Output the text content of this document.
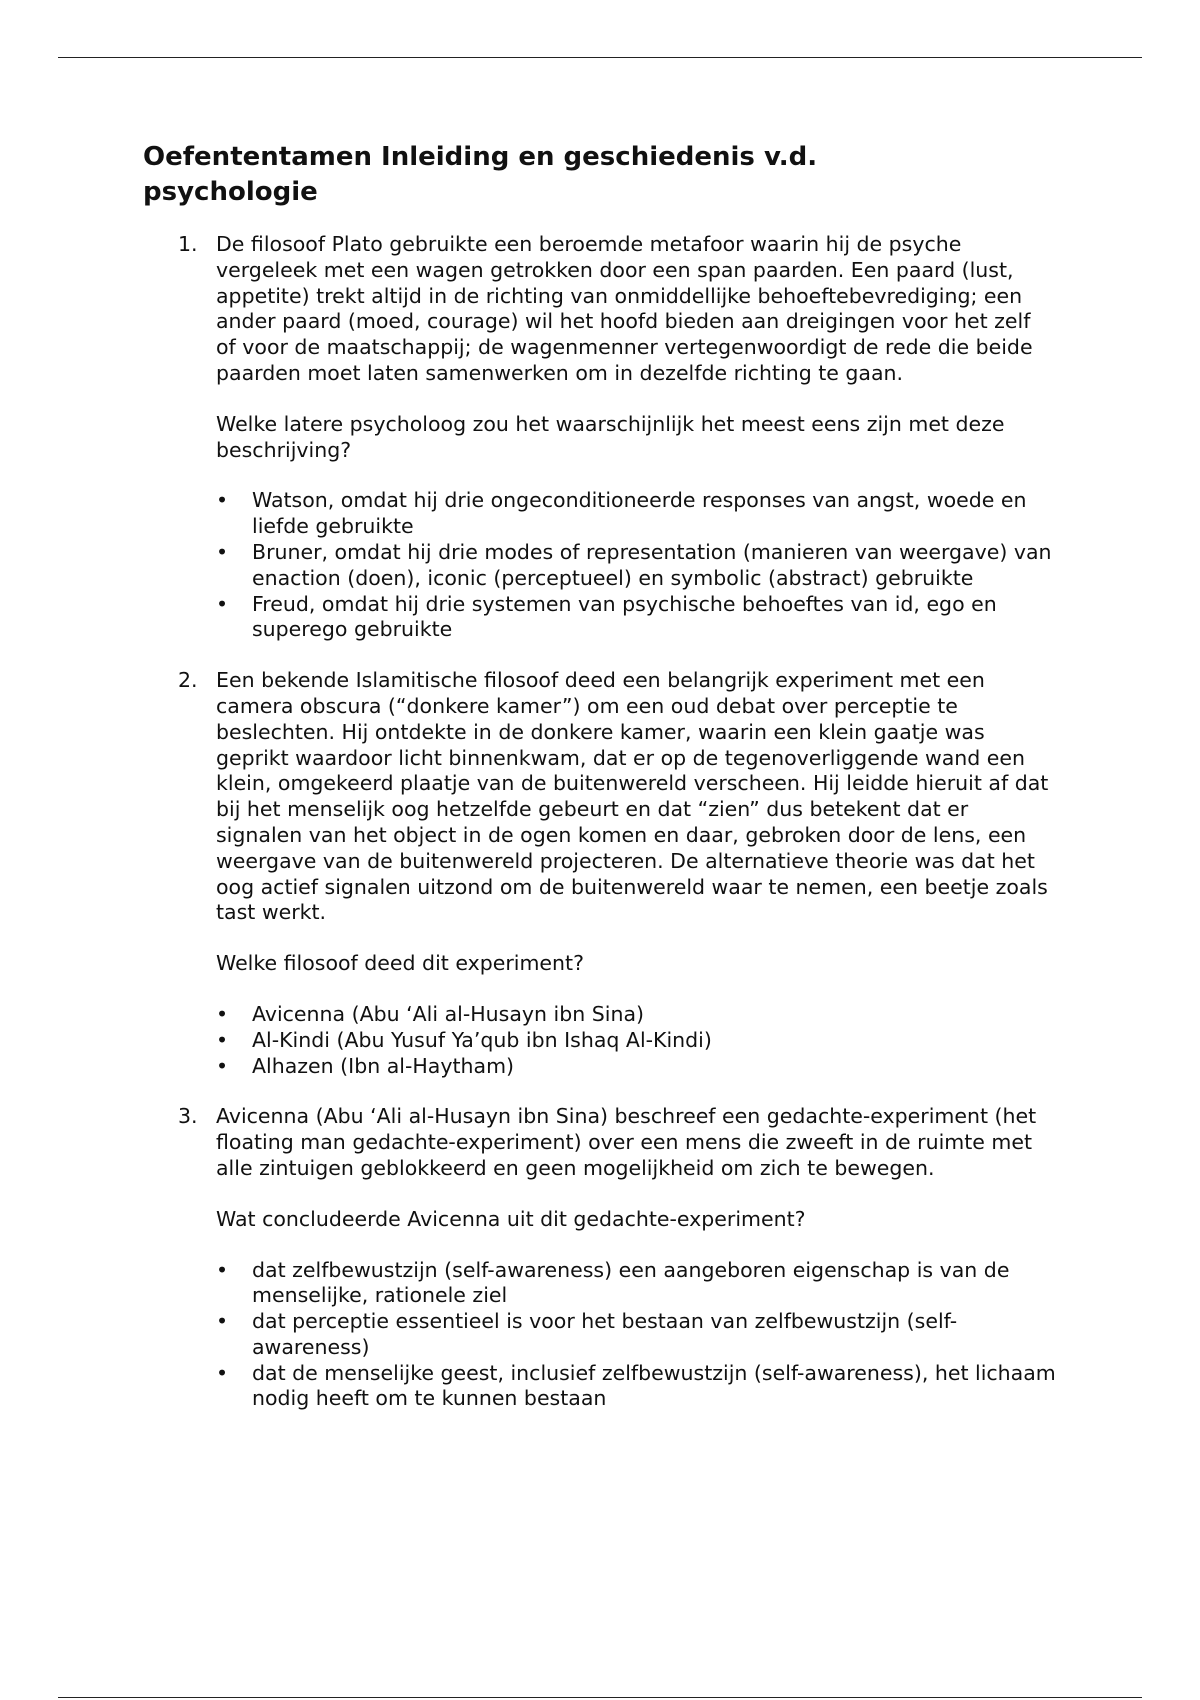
Oefententamen Inleiding en geschiedenis v.d. psychologie
1. De filosoof Plato gebruikte een beroemde metafoor waarin hij de psyche vergeleek met een wagen getrokken door een span paarden. Een paard (lust, appetite) trekt altijd in de richting van onmiddellijke behoeftebevrediging; een ander paard (moed, courage) wil het hoofd bieden aan dreigingen voor het zelf of voor de maatschappij; de wagenmenner vertegenwoordigt de rede die beide paarden moet laten samenwerken om in dezelfde richting te gaan.

Welke latere psycholoog zou het waarschijnlijk het meest eens zijn met deze beschrijving?

• Watson, omdat hij drie ongeconditioneerde responses van angst, woede en liefde gebruikte
• Bruner, omdat hij drie modes of representation (manieren van weergave) van enaction (doen), iconic (perceptueel) en symbolic (abstract) gebruikte
• Freud, omdat hij drie systemen van psychische behoeftes van id, ego en superego gebruikte
2. Een bekende Islamitische filosoof deed een belangrijk experiment met een camera obscura (“donkere kamer”) om een oud debat over perceptie te beslechten. Hij ontdekte in de donkere kamer, waarin een klein gaatje was geprikt waardoor licht binnenkwam, dat er op de tegenoverliggende wand een klein, omgekeerd plaatje van de buitenwereld verscheen. Hij leidde hieruit af dat bij het menselijk oog hetzelfde gebeurt en dat “zien” dus betekent dat er signalen van het object in de ogen komen en daar, gebroken door de lens, een weergave van de buitenwereld projecteren. De alternatieve theorie was dat het oog actief signalen uitzond om de buitenwereld waar te nemen, een beetje zoals tast werkt.

Welke filosoof deed dit experiment?

• Avicenna (Abu ‘Ali al-Husayn ibn Sina)
• Al-Kindi (Abu Yusuf Ya’qub ibn Ishaq Al-Kindi)
• Alhazen (Ibn al-Haytham)
3. Avicenna (Abu ‘Ali al-Husayn ibn Sina) beschreef een gedachte-experiment (het floating man gedachte-experiment) over een mens die zweeft in de ruimte met alle zintuigen geblokkeerd en geen mogelijkheid om zich te bewegen.

Wat concludeerde Avicenna uit dit gedachte-experiment?

• dat zelfbewustzijn (self-awareness) een aangeboren eigenschap is van de menselijke, rationele ziel
• dat perceptie essentieel is voor het bestaan van zelfbewustzijn (self-awareness)
• dat de menselijke geest, inclusief zelfbewustzijn (self-awareness), het lichaam nodig heeft om te kunnen bestaan
